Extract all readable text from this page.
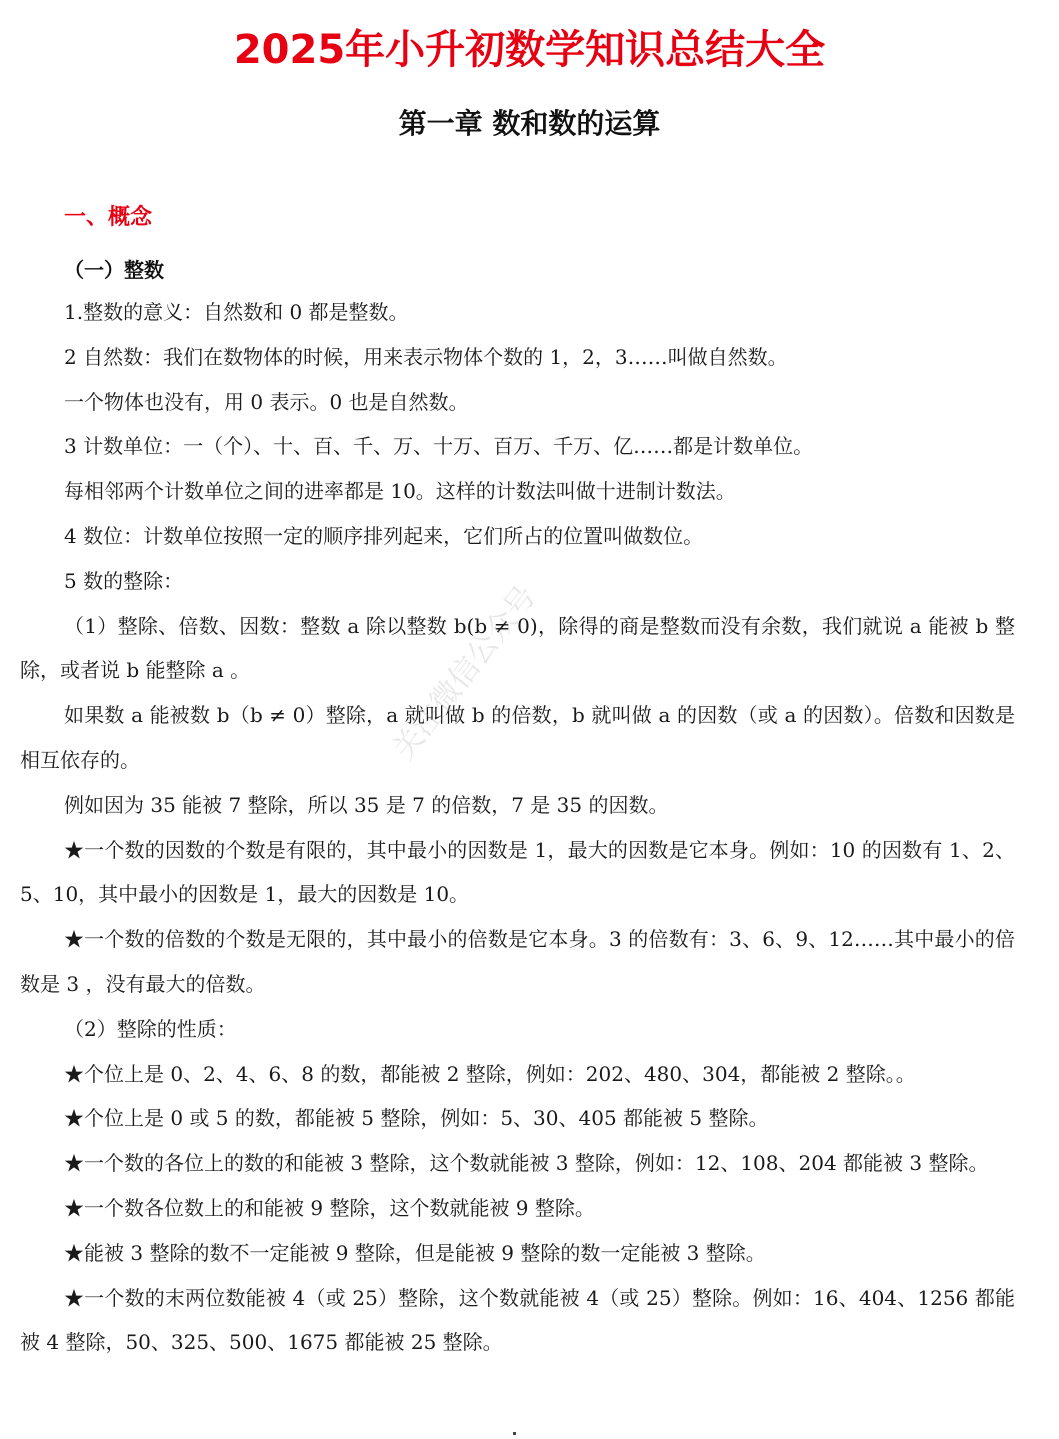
2025年小升初数学知识总结大全
第一章 数和数的运算
一、概念
（一）整数

1.整数的意义：自然数和 0 都是整数。

2 自然数：我们在数物体的时候，用来表示物体个数的 1，2，3……叫做自然数。

一个物体也没有，用 0 表示。0 也是自然数。

3 计数单位：一（个）、十、百、千、万、十万、百万、千万、亿……都是计数单位。

每相邻两个计数单位之间的进率都是 10。这样的计数法叫做十进制计数法。

4 数位：计数单位按照一定的顺序排列起来，它们所占的位置叫做数位。

5 数的整除：

（1）整除、倍数、因数：整数 a 除以整数 b(b ≠ 0)，除得的商是整数而没有余数，我们就说 a 能被 b 整除，或者说 b 能整除 a 。

如果数 a 能被数 b（b ≠ 0）整除，a 就叫做 b 的倍数，b 就叫做 a 的因数（或 a 的因数）。倍数和因数是相互依存的。

例如因为 35 能被 7 整除，所以 35 是 7 的倍数，7 是 35 的因数。

★一个数的因数的个数是有限的，其中最小的因数是 1，最大的因数是它本身。例如：10 的因数有 1、2、5、10，其中最小的因数是 1，最大的因数是 10。

★一个数的倍数的个数是无限的，其中最小的倍数是它本身。3 的倍数有：3、6、9、12……其中最小的倍数是 3 ，没有最大的倍数。

（2）整除的性质：

★个位上是 0、2、4、6、8 的数，都能被 2 整除，例如：202、480、304，都能被 2 整除。。

★个位上是 0 或 5 的数，都能被 5 整除，例如：5、30、405 都能被 5 整除。

★一个数的各位上的数的和能被 3 整除，这个数就能被 3 整除，例如：12、108、204 都能被 3 整除。

★一个数各位数上的和能被 9 整除，这个数就能被 9 整除。

★能被 3 整除的数不一定能被 9 整除，但是能被 9 整除的数一定能被 3 整除。

★一个数的末两位数能被 4（或 25）整除，这个数就能被 4（或 25）整除。例如：16、404、1256 都能被 4 整除，50、325、500、1675 都能被 25 整除。

关注微信公众号
